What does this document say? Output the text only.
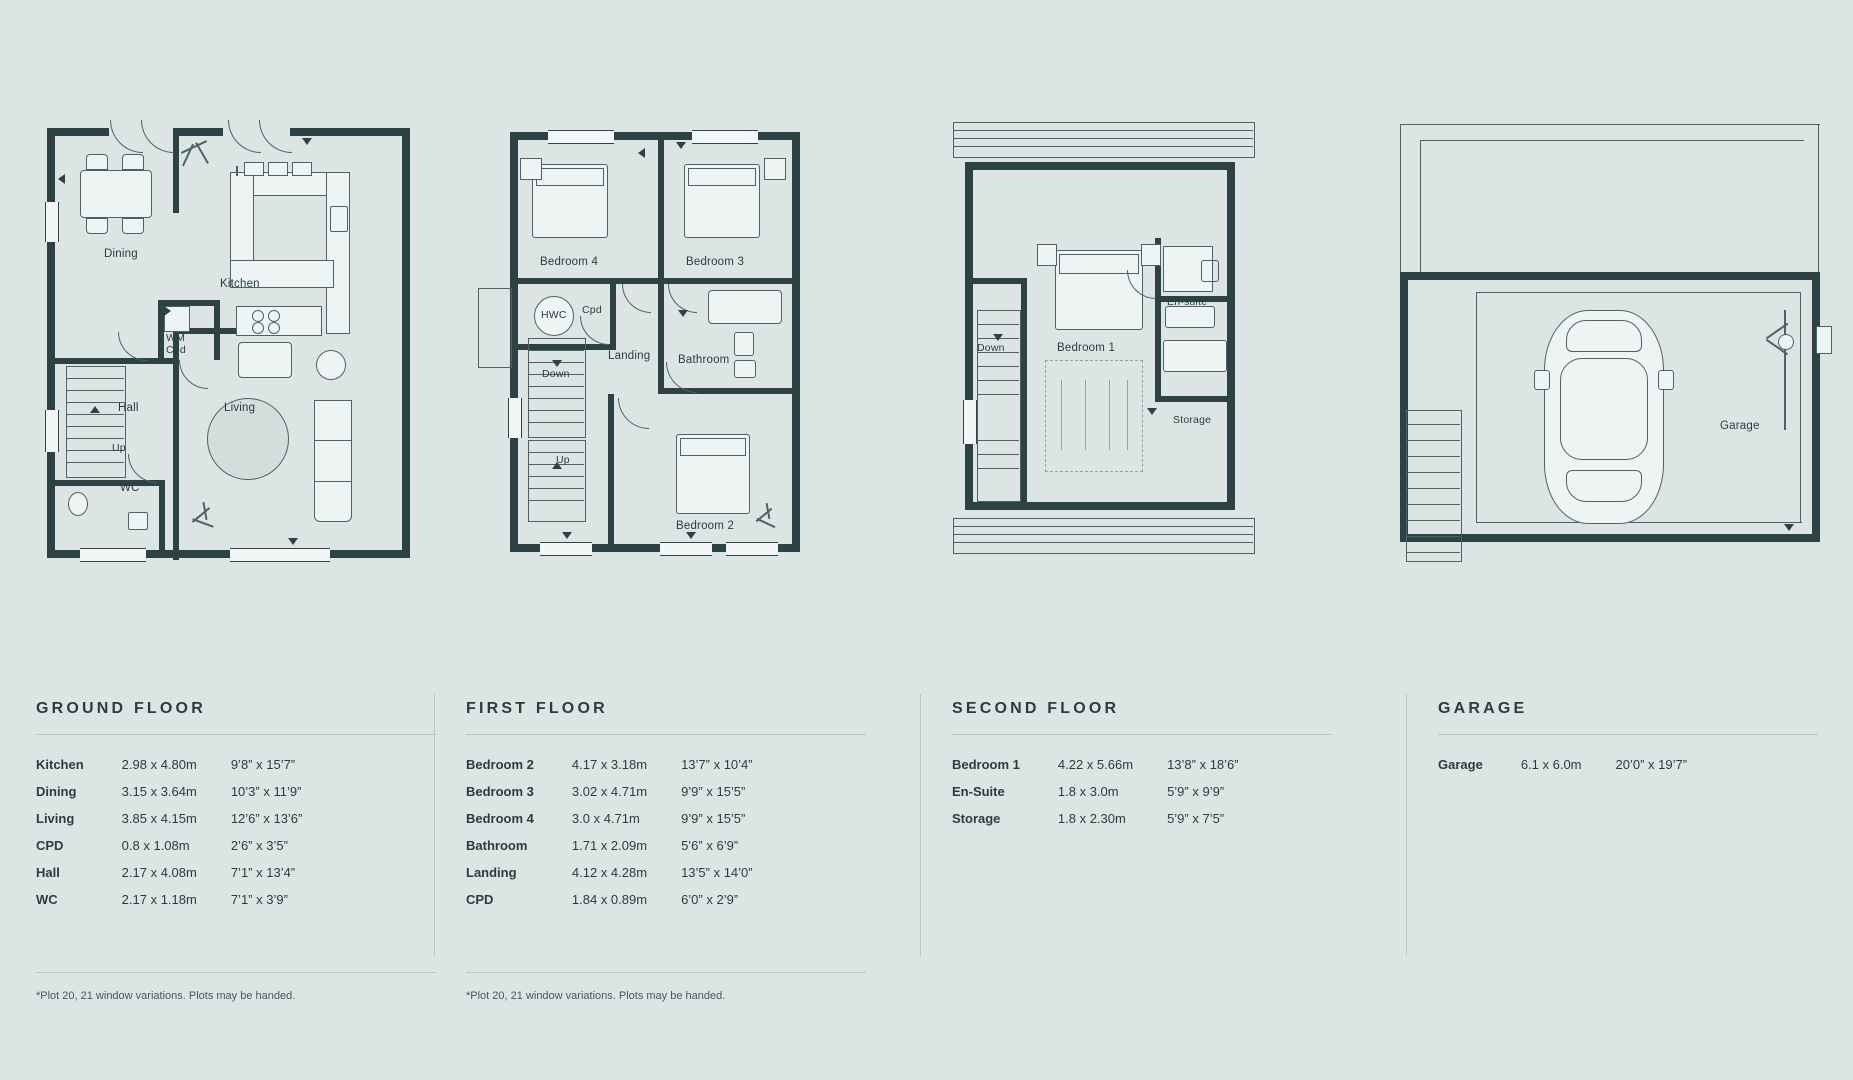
Dining
Kitchen
WM
Cpd
Hall	Living
Up
WC
Bedroom 4	Bedroom 3
HWC Cpd
Landing Bathroom
Down
Up
Bedroom 2
Down	Bedroom 1
En-suite
Storage	Garage
GROUND FLOOR
Kitchen	2.98 x 4.80m	9’8” x 15’7”
Dining	3.15 x 3.64m	10’3” x 11’9”
Living	3.85 x 4.15m	12’6” x 13’6”
CPD	0.8 x 1.08m	2’6” x 3’5”
Hall	2.17 x 4.08m	7’1” x 13’4”
WC	2.17 x 1.18m	7’1” x 3’9”
FIRST FLOOR
Bedroom 2	4.17 x 3.18m	13’7” x 10’4”
Bedroom 3	3.02 x 4.71m	9’9” x 15’5”
Bedroom 4	3.0 x 4.71m	9’9” x 15’5”
Bathroom	1.71 x 2.09m	5’6” x 6’9”
Landing	4.12 x 4.28m	13’5” x 14’0”
CPD	1.84 x 0.89m	6’0” x 2’9”
SECOND FLOOR
Bedroom 1	4.22 x 5.66m	13’8” x 18’6”
En-Suite	1.8 x 3.0m	5’9” x 9’9”
Storage	1.8 x 2.30m	5’9” x 7’5”
GARAGE
Garage	6.1 x 6.0m	20’0” x 19’7”
*Plot 20, 21 window variations. Plots may be handed.	*Plot 20, 21 window variations. Plots may be handed.
